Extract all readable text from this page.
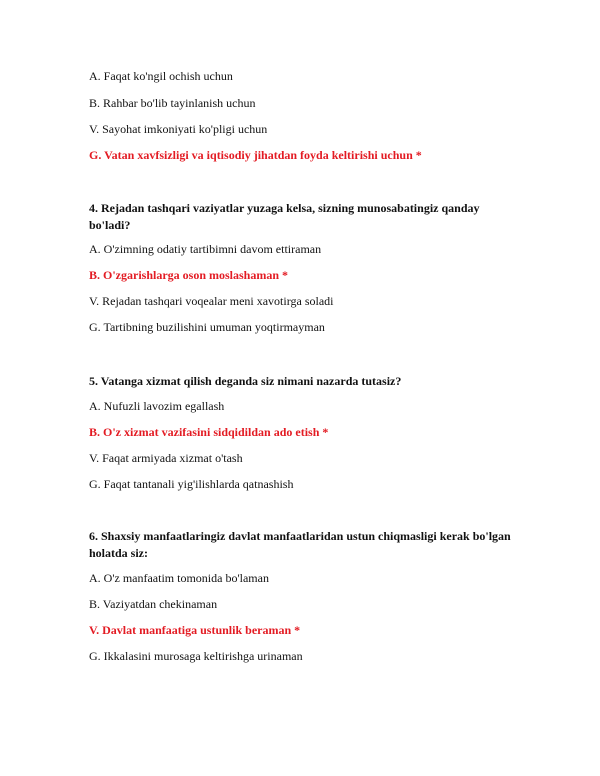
A. Faqat ko'ngil ochish uchun
B. Rahbar bo'lib tayinlanish uchun
V. Sayohat imkoniyati ko'pligi uchun
G. Vatan xavfsizligi va iqtisodiy jihatdan foyda keltirishi uchun *
4. Rejadan tashqari vaziyatlar yuzaga kelsa, sizning munosabatingiz qanday bo'ladi?
A. O'zimning odatiy tartibimni davom ettiraman
B. O'zgarishlarga oson moslashaman *
V. Rejadan tashqari voqealar meni xavotirga soladi
G. Tartibning buzilishini umuman yoqtirmayman
5. Vatanga xizmat qilish deganda siz nimani nazarda tutasiz?
A. Nufuzli lavozim egallash
B. O'z xizmat vazifasini sidqidildan ado etish *
V. Faqat armiyada xizmat o'tash
G. Faqat tantanali yig'ilishlarda qatnashish
6. Shaxsiy manfaatlaringiz davlat manfaatlaridan ustun chiqmasligi kerak bo'lgan holatda siz:
A. O'z manfaatim tomonida bo'laman
B. Vaziyatdan chekinaman
V. Davlat manfaatiga ustunlik beraman *
G. Ikkalasini murosaga keltirishga urinaman
